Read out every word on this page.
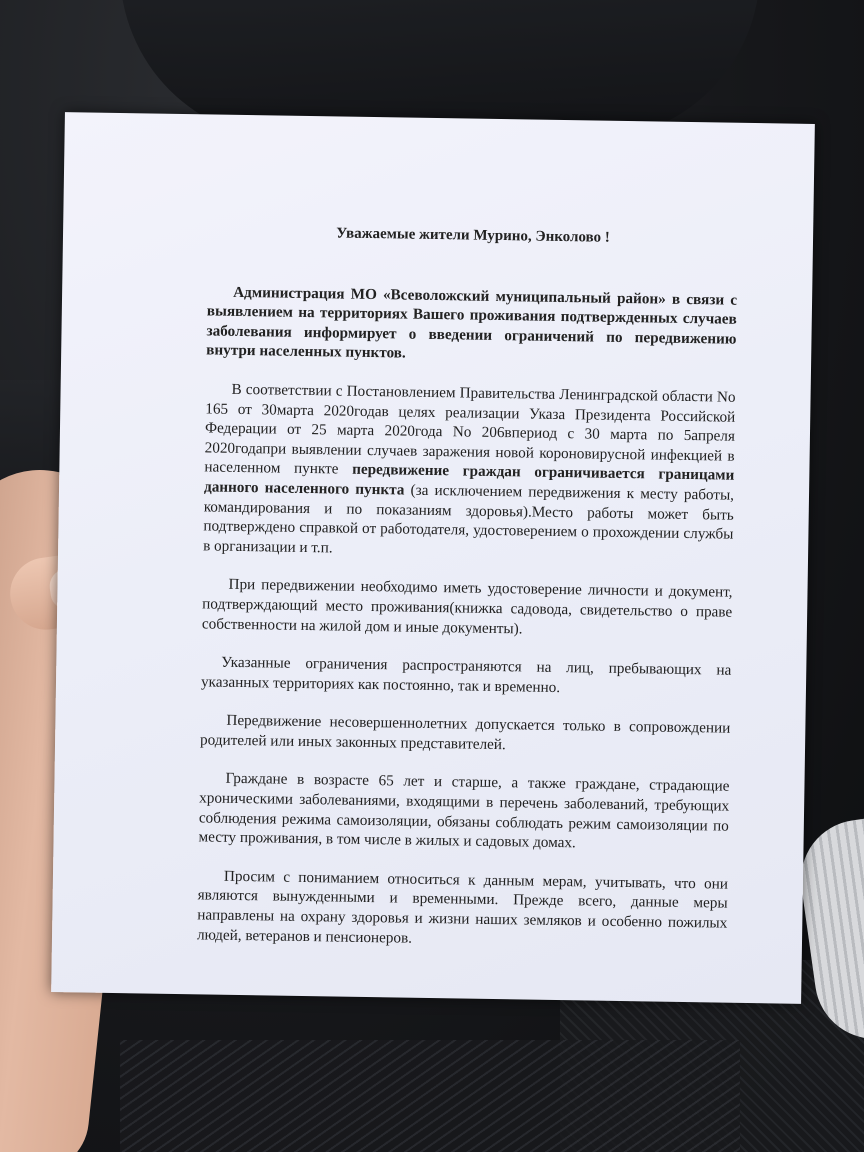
Уважаемые жители Мурино, Энколово !

Администрация МО «Всеволожский муниципальный район» в связи с выявлением на территориях Вашего проживания подтвержденных случаев заболевания информирует о введении ограничений по передвижению внутри населенных пунктов.

В соответствии с Постановлением Правительства Ленинградской области No 165 от 30марта 2020годав целях реализации Указа Президента Российской Федерации от 25 марта 2020года No 206впериод с 30 марта по 5апреля 2020годапри выявлении случаев заражения новой короновирусной инфекцией в населенном пункте передвижение граждан ограничивается границами данного населенного пункта (за исключением передвижения к месту работы, командирования и по показаниям здоровья).Место работы может быть подтверждено справкой от работодателя, удостоверением о прохождении службы в организации и т.п.

При передвижении необходимо иметь удостоверение личности и документ, подтверждающий место проживания(книжка садовода, свидетельство о праве собственности на жилой дом и иные документы).

Указанные ограничения распространяются на лиц, пребывающих на указанных территориях как постоянно, так и временно.

Передвижение несовершеннолетних допускается только в сопровождении родителей или иных законных представителей.

Граждане в возрасте 65 лет и старше, а также граждане, страдающие хроническими заболеваниями, входящими в перечень заболеваний, требующих соблюдения режима самоизоляции, обязаны соблюдать режим самоизоляции по месту проживания, в том числе в жилых и садовых домах.

Просим с пониманием относиться к данным мерам, учитывать, что они являются вынужденными и временными. Прежде всего, данные меры направлены на охрану здоровья и жизни наших земляков и особенно пожилых людей, ветеранов и пенсионеров.
